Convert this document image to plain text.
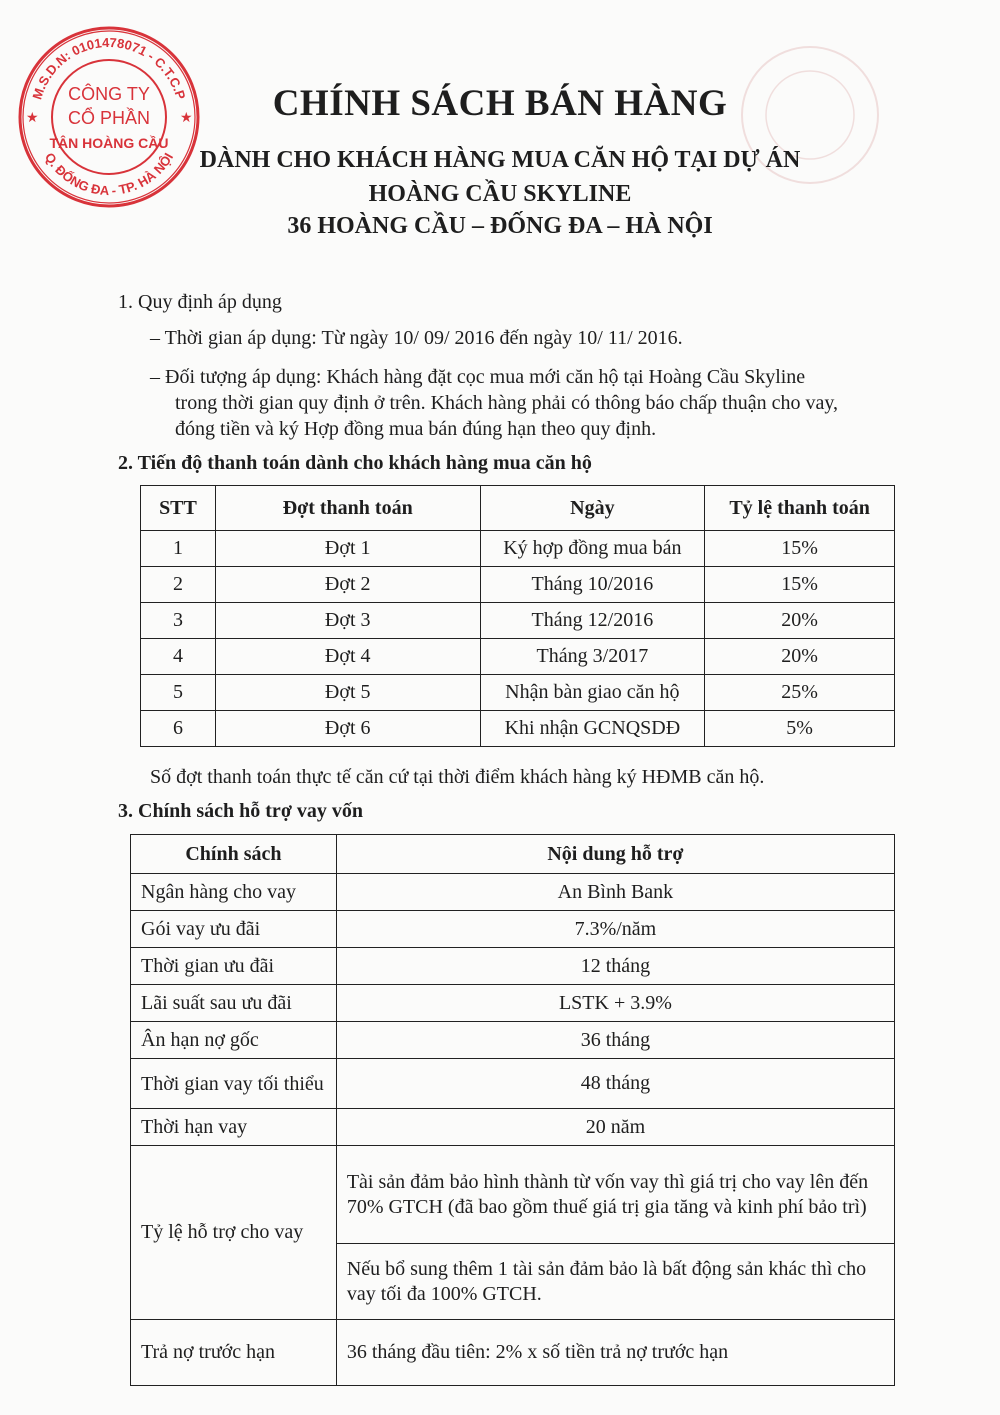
M.S.D.N: 0101478071 - C.T.C.P
Q. ĐỐNG ĐA - TP. HÀ NỘI
★	★
CÔNG TY
CỔ PHẦN
TÂN HOÀNG CẦU
CHÍNH SÁCH BÁN HÀNG
DÀNH CHO KHÁCH HÀNG MUA CĂN HỘ TẠI DỰ ÁN HOÀNG CẦU SKYLINE
36 HOÀNG CẦU – ĐỐNG ĐA – HÀ NỘI
1. Quy định áp dụng
– Thời gian áp dụng: Từ ngày 10/ 09/ 2016 đến ngày 10/ 11/ 2016.
– Đối tượng áp dụng: Khách hàng đặt cọc mua mới căn hộ tại Hoàng Cầu Skyline
trong thời gian quy định ở trên. Khách hàng phải có thông báo chấp thuận cho vay,
đóng tiền và ký Hợp đồng mua bán đúng hạn theo quy định.
2. Tiến độ thanh toán dành cho khách hàng mua căn hộ
STT	Đợt thanh toán	Ngày	Tỷ lệ thanh toán
1	Đợt 1	Ký hợp đồng mua bán	15%
2	Đợt 2	Tháng 10/2016	15%
3	Đợt 3	Tháng 12/2016	20%
4	Đợt 4	Tháng 3/2017	20%
5	Đợt 5	Nhận bàn giao căn hộ	25%
6	Đợt 6	Khi nhận GCNQSDĐ	5%
Số đợt thanh toán thực tế căn cứ tại thời điểm khách hàng ký HĐMB căn hộ.
3. Chính sách hỗ trợ vay vốn
Chính sách	Nội dung hỗ trợ
Ngân hàng cho vay	An Bình Bank
Gói vay ưu đãi	7.3%/năm
Thời gian ưu đãi	12 tháng
Lãi suất sau ưu đãi	LSTK + 3.9%
Ân hạn nợ gốc	36 tháng
Thời gian vay tối thiểu	48 tháng
Thời hạn vay	20 năm
Tỷ lệ hỗ trợ cho vay	Tài sản đảm bảo hình thành từ vốn vay thì giá trị cho vay lên đến 70% GTCH (đã bao gồm thuế giá trị gia tăng và kinh phí bảo trì)
	Nếu bổ sung thêm 1 tài sản đảm bảo là bất động sản khác thì cho vay tối đa 100% GTCH.
Trả nợ trước hạn	36 tháng đầu tiên: 2% x số tiền trả nợ trước hạn
